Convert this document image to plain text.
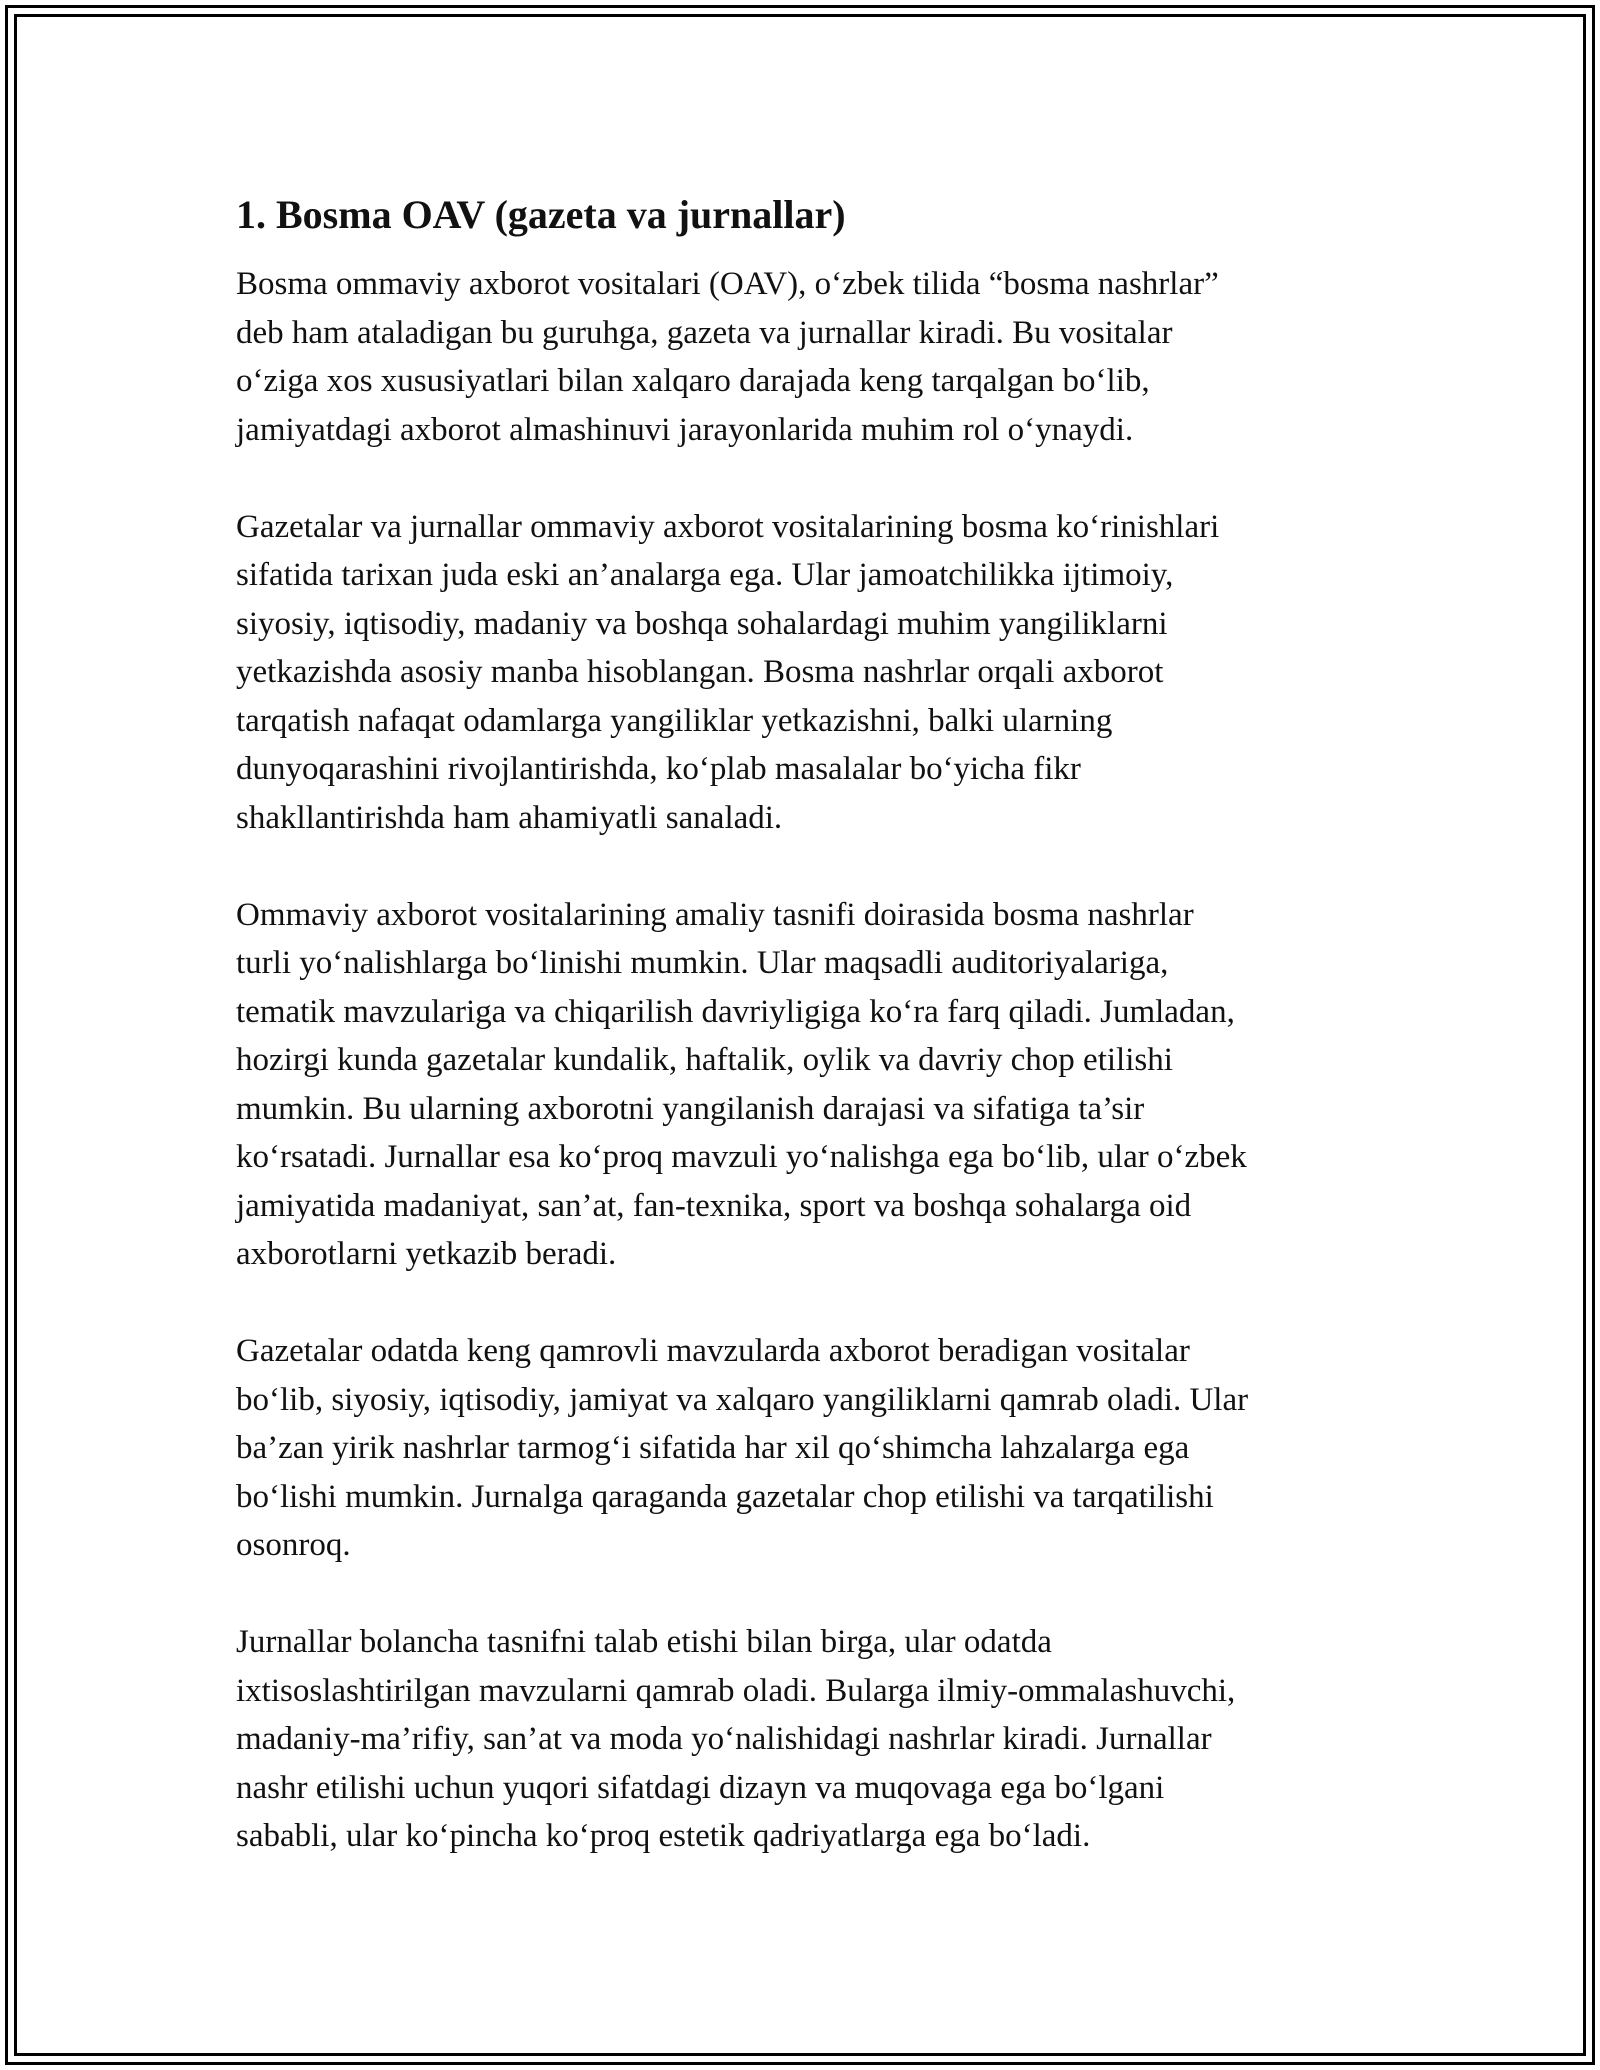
1. Bosma OAV (gazeta va jurnallar)

Bosma ommaviy axborot vositalari (OAV), o‘zbek tilida “bosma nashrlar”
deb ham ataladigan bu guruhga, gazeta va jurnallar kiradi. Bu vositalar
o‘ziga xos xususiyatlari bilan xalqaro darajada keng tarqalgan bo‘lib,
jamiyatdagi axborot almashinuvi jarayonlarida muhim rol o‘ynaydi.

Gazetalar va jurnallar ommaviy axborot vositalarining bosma ko‘rinishlari
sifatida tarixan juda eski an’analarga ega. Ular jamoatchilikka ijtimoiy,
siyosiy, iqtisodiy, madaniy va boshqa sohalardagi muhim yangiliklarni
yetkazishda asosiy manba hisoblangan. Bosma nashrlar orqali axborot
tarqatish nafaqat odamlarga yangiliklar yetkazishni, balki ularning
dunyoqarashini rivojlantirishda, ko‘plab masalalar bo‘yicha fikr
shakllantirishda ham ahamiyatli sanaladi.

Ommaviy axborot vositalarining amaliy tasnifi doirasida bosma nashrlar
turli yo‘nalishlarga bo‘linishi mumkin. Ular maqsadli auditoriyalariga,
tematik mavzulariga va chiqarilish davriyligiga ko‘ra farq qiladi. Jumladan,
hozirgi kunda gazetalar kundalik, haftalik, oylik va davriy chop etilishi
mumkin. Bu ularning axborotni yangilanish darajasi va sifatiga ta’sir
ko‘rsatadi. Jurnallar esa ko‘proq mavzuli yo‘nalishga ega bo‘lib, ular o‘zbek
jamiyatida madaniyat, san’at, fan-texnika, sport va boshqa sohalarga oid
axborotlarni yetkazib beradi.

Gazetalar odatda keng qamrovli mavzularda axborot beradigan vositalar
bo‘lib, siyosiy, iqtisodiy, jamiyat va xalqaro yangiliklarni qamrab oladi. Ular
ba’zan yirik nashrlar tarmog‘i sifatida har xil qo‘shimcha lahzalarga ega
bo‘lishi mumkin. Jurnalga qaraganda gazetalar chop etilishi va tarqatilishi
osonroq.

Jurnallar bolancha tasnifni talab etishi bilan birga, ular odatda
ixtisoslashtirilgan mavzularni qamrab oladi. Bularga ilmiy-ommalashuvchi,
madaniy-ma’rifiy, san’at va moda yo‘nalishidagi nashrlar kiradi. Jurnallar
nashr etilishi uchun yuqori sifatdagi dizayn va muqovaga ega bo‘lgani
sababli, ular ko‘pincha ko‘proq estetik qadriyatlarga ega bo‘ladi.
